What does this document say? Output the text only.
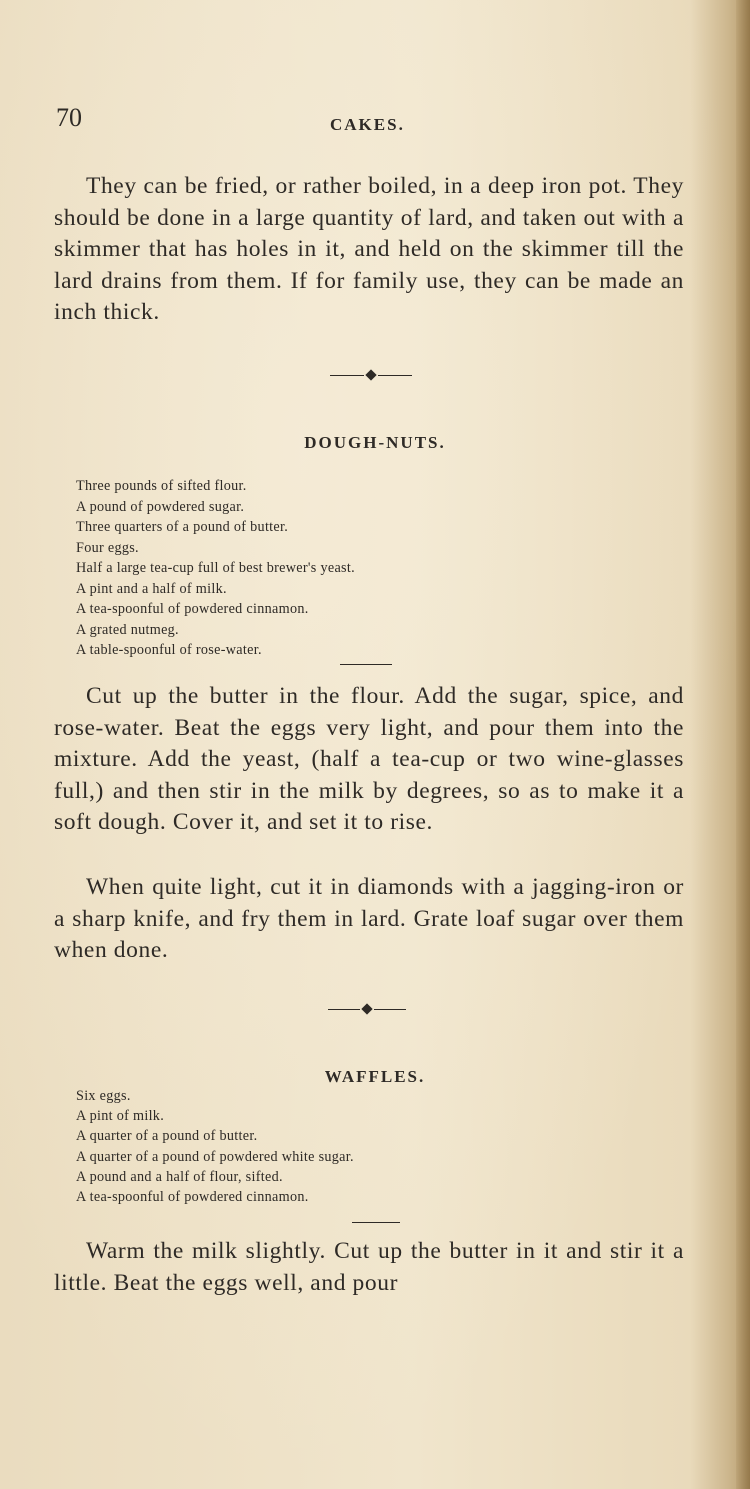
70	CAKES.

They can be fried, or rather boiled, in a deep iron pot. They should be done in a large quantity of lard, and taken out with a skimmer that has holes in it, and held on the skimmer till the lard drains from them. If for family use, they can be made an inch thick.

DOUGH-NUTS.
Three pounds of sifted flour.
A pound of powdered sugar.
Three quarters of a pound of butter.
Four eggs.
Half a large tea-cup full of best brewer's yeast.
A pint and a half of milk.
A tea-spoonful of powdered cinnamon.
A grated nutmeg.
A table-spoonful of rose-water.

Cut up the butter in the flour. Add the sugar, spice, and rose-water. Beat the eggs very light, and pour them into the mixture. Add the yeast, (half a tea-cup or two wine-glasses full,) and then stir in the milk by degrees, so as to make it a soft dough. Cover it, and set it to rise.

When quite light, cut it in diamonds with a jagging-iron or a sharp knife, and fry them in lard. Grate loaf sugar over them when done.

WAFFLES.
Six eggs.
A pint of milk.
A quarter of a pound of butter.
A quarter of a pound of powdered white sugar.
A pound and a half of flour, sifted.
A tea-spoonful of powdered cinnamon.

Warm the milk slightly. Cut up the butter in it and stir it a little. Beat the eggs well, and pour
